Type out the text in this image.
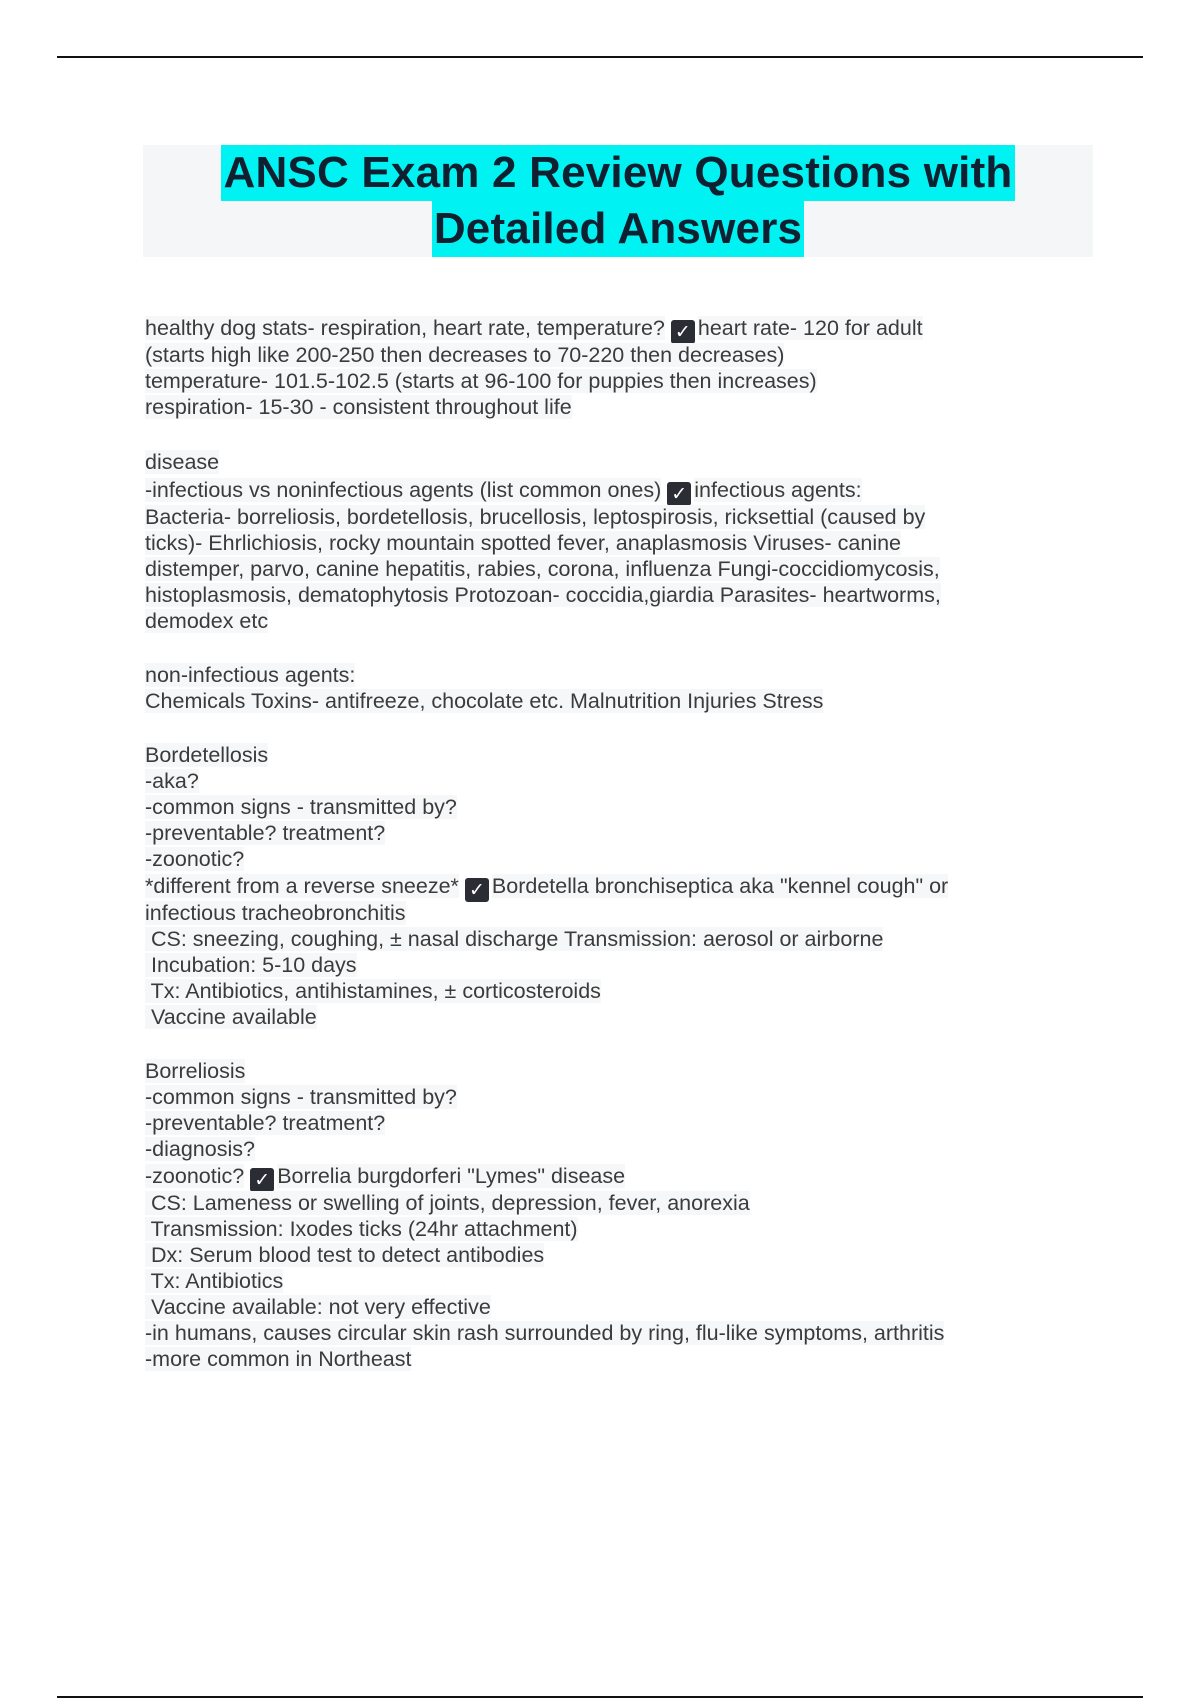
ANSC Exam 2 Review Questions with
Detailed Answers
healthy dog stats- respiration, heart rate, temperature? ✓ heart rate- 120 for adult
(starts high like 200-250 then decreases to 70-220 then decreases)
temperature- 101.5-102.5 (starts at 96-100 for puppies then increases)
respiration- 15-30 - consistent throughout life
disease
-infectious vs noninfectious agents (list common ones) ✓ infectious agents:
Bacteria- borreliosis, bordetellosis, brucellosis, leptospirosis, ricksettial (caused by
ticks)- Ehrlichiosis, rocky mountain spotted fever, anaplasmosis Viruses- canine
distemper, parvo, canine hepatitis, rabies, corona, influenza Fungi-coccidiomycosis,
histoplasmosis, dematophytosis Protozoan- coccidia,giardia Parasites- heartworms,
demodex etc
non-infectious agents:
Chemicals Toxins- antifreeze, chocolate etc. Malnutrition Injuries Stress
Bordetellosis
-aka?
-common signs - transmitted by?
-preventable? treatment?
-zoonotic?
*different from a reverse sneeze* ✓ Bordetella bronchiseptica aka "kennel cough" or
infectious tracheobronchitis
CS: sneezing, coughing, ± nasal discharge Transmission: aerosol or airborne
Incubation: 5-10 days
Tx: Antibiotics, antihistamines, ± corticosteroids
Vaccine available
Borreliosis
-common signs - transmitted by?
-preventable? treatment?
-diagnosis?
-zoonotic? ✓ Borrelia burgdorferi "Lymes" disease
CS: Lameness or swelling of joints, depression, fever, anorexia
Transmission: Ixodes ticks (24hr attachment)
Dx: Serum blood test to detect antibodies
Tx: Antibiotics
Vaccine available: not very effective
-in humans, causes circular skin rash surrounded by ring, flu-like symptoms, arthritis
-more common in Northeast
